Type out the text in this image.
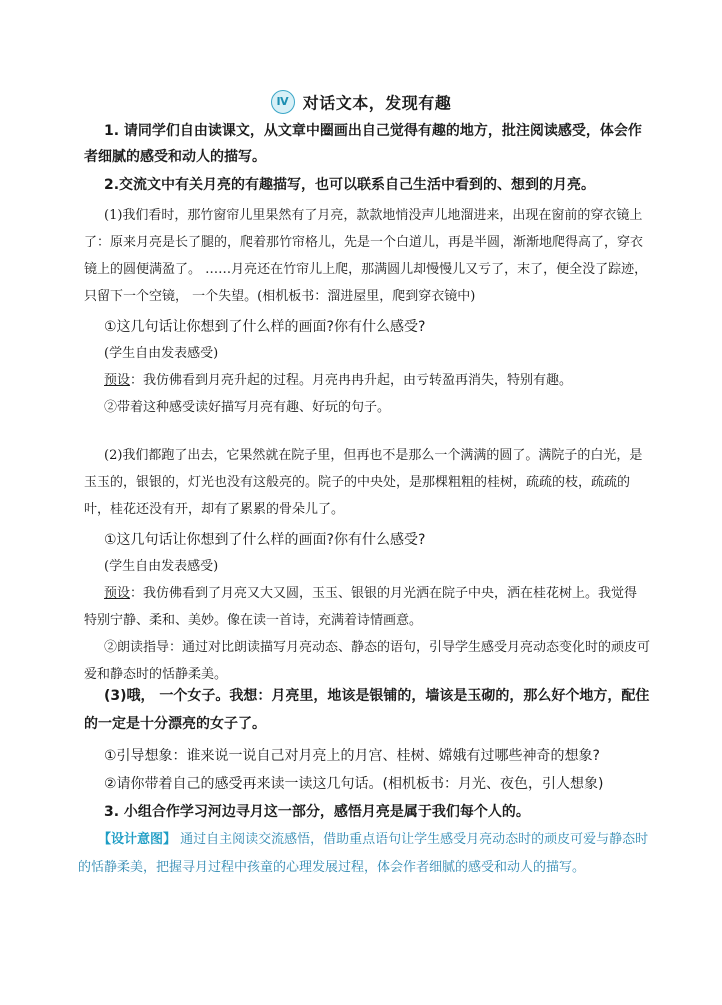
Ⅳ 对话文本，发现有趣

1. 请同学们自由读课文，从文章中圈画出自己觉得有趣的地方，批注阅读感受，体会作者细腻的感受和动人的描写。

2.交流文中有关月亮的有趣描写，也可以联系自己生活中看到的、想到的月亮。

(1)我们看时，那竹窗帘儿里果然有了月亮，款款地悄没声儿地溜进来，出现在窗前的穿衣镜上了：原来月亮是长了腿的，爬着那竹帘格儿，先是一个白道儿，再是半圆，渐渐地爬得高了，穿衣镜上的圆便满盈了。 ……月亮还在竹帘儿上爬，那满圆儿却慢慢儿又亏了，末了，便全没了踪迹，只留下一个空镜， 一个失望。(相机板书：溜进屋里，爬到穿衣镜中)

①这几句话让你想到了什么样的画面?你有什么感受?

(学生自由发表感受)

预设：我仿佛看到月亮升起的过程。月亮冉冉升起，由亏转盈再消失，特别有趣。

②带着这种感受读好描写月亮有趣、好玩的句子。

(2)我们都跑了出去，它果然就在院子里，但再也不是那么一个满满的圆了。满院子的白光，是玉玉的，银银的，灯光也没有这般亮的。院子的中央处，是那棵粗粗的桂树，疏疏的枝，疏疏的叶，桂花还没有开，却有了累累的骨朵儿了。

①这几句话让你想到了什么样的画面?你有什么感受?

(学生自由发表感受)

预设：我仿佛看到了月亮又大又圆，玉玉、银银的月光洒在院子中央，洒在桂花树上。我觉得特别宁静、柔和、美妙。像在读一首诗，充满着诗情画意。

②朗读指导：通过对比朗读描写月亮动态、静态的语句，引导学生感受月亮动态变化时的顽皮可爱和静态时的恬静柔美。

(3)哦， 一个女子。我想：月亮里，地该是银铺的，墙该是玉砌的，那么好个地方，配住的一定是十分漂亮的女子了。

①引导想象：谁来说一说自己对月亮上的月宫、桂树、嫦娥有过哪些神奇的想象?

②请你带着自己的感受再来读一读这几句话。(相机板书：月光、夜色，引人想象)

3. 小组合作学习河边寻月这一部分，感悟月亮是属于我们每个人的。

【设计意图】 通过自主阅读交流感悟，借助重点语句让学生感受月亮动态时的顽皮可爱与静态时的恬静柔美，把握寻月过程中孩童的心理发展过程，体会作者细腻的感受和动人的描写。
